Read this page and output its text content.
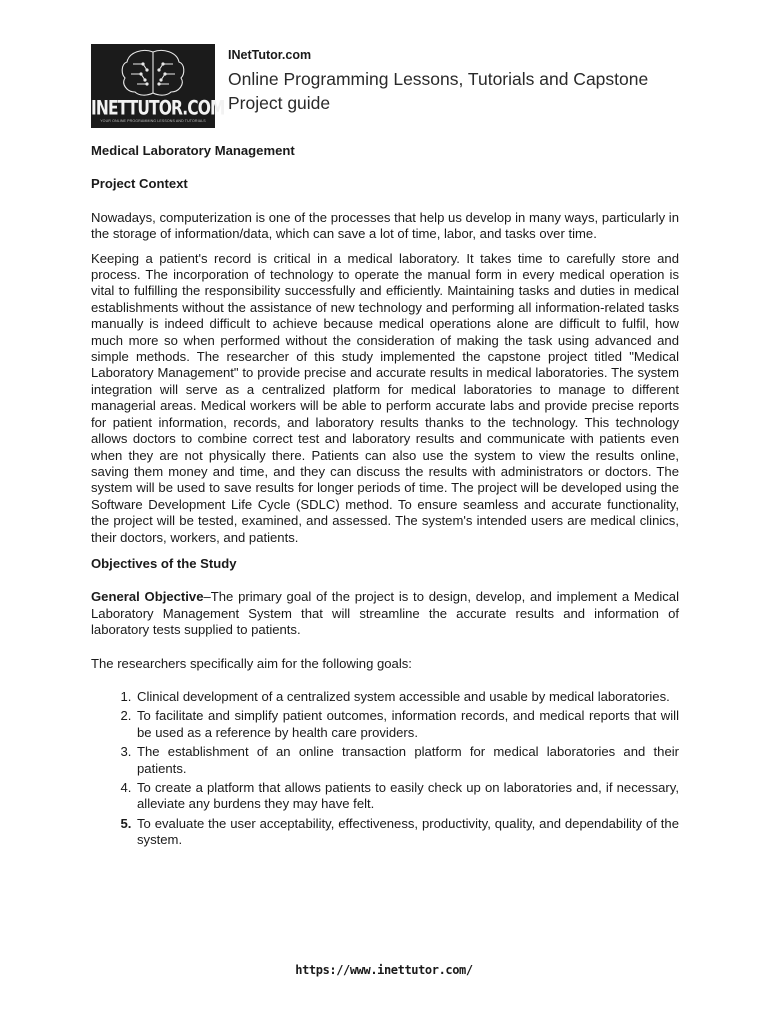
INETTUTOR.COM
YOUR ONLINE PROGRAMMING LESSONS AND TUTORIALS
INetTutor.com
Online Programming Lessons, Tutorials and Capstone Project guide

Medical Laboratory Management

Project Context

Nowadays, computerization is one of the processes that help us develop in many ways, particularly in the storage of information/data, which can save a lot of time, labor, and tasks over time.

Keeping a patient's record is critical in a medical laboratory. It takes time to carefully store and process. The incorporation of technology to operate the manual form in every medical operation is vital to fulfilling the responsibility successfully and efficiently. Maintaining tasks and duties in medical establishments without the assistance of new technology and performing all information-related tasks manually is indeed difficult to achieve because medical operations alone are difficult to fulfil, how much more so when performed without the consideration of making the task using advanced and simple methods. The researcher of this study implemented the capstone project titled "Medical Laboratory Management" to provide precise and accurate results in medical laboratories. The system integration will serve as a centralized platform for medical laboratories to manage to different managerial areas. Medical workers will be able to perform accurate labs and provide precise reports for patient information, records, and laboratory results thanks to the technology. This technology allows doctors to combine correct test and laboratory results and communicate with patients even when they are not physically there. Patients can also use the system to view the results online, saving them money and time, and they can discuss the results with administrators or doctors. The system will be used to save results for longer periods of time. The project will be developed using the Software Development Life Cycle (SDLC) method. To ensure seamless and accurate functionality, the project will be tested, examined, and assessed. The system's intended users are medical clinics, their doctors, workers, and patients.

Objectives of the Study

General Objective–The primary goal of the project is to design, develop, and implement a Medical Laboratory Management System that will streamline the accurate results and information of laboratory tests supplied to patients.

The researchers specifically aim for the following goals:

1. Clinical development of a centralized system accessible and usable by medical laboratories.
2. To facilitate and simplify patient outcomes, information records, and medical reports that will be used as a reference by health care providers.
3. The establishment of an online transaction platform for medical laboratories and their patients.
4. To create a platform that allows patients to easily check up on laboratories and, if necessary, alleviate any burdens they may have felt.
5. To evaluate the user acceptability, effectiveness, productivity, quality, and dependability of the system.
https://www.inettutor.com/
